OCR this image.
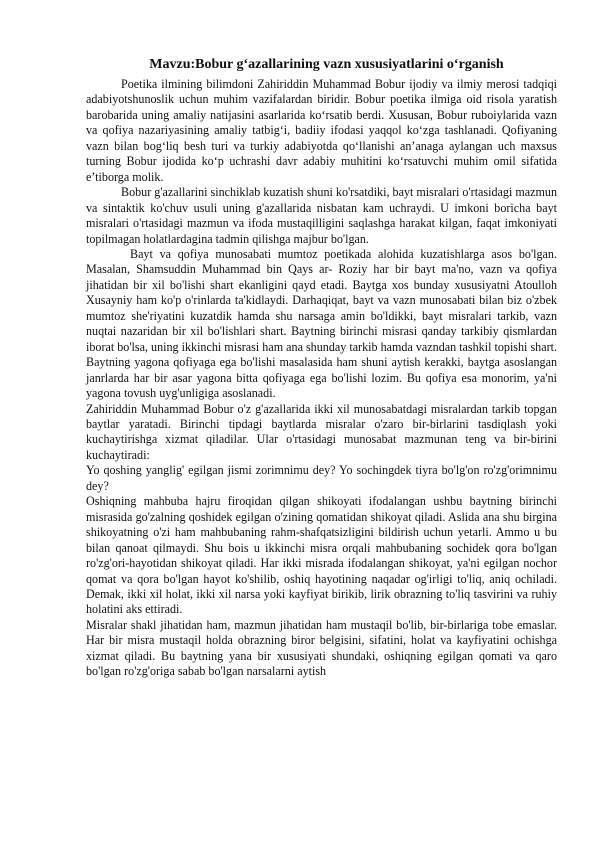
Mavzu:Bobur g‘azallarining vazn xususiyatlarini o‘rganish

Pоetikа ilmining bilimdоni Zаhiriddin Muhаmmаd Bоbur ijоdiy vа ilmiy merоsi tаdqiqi аdаbiyotshunоslik uchun muhim vаzifаlаrdаn biridir. Bоbur pоetikа ilmigа оid risоlа yarаtish bаrоbаridа uning аmаliy nаtijаsini аsаrlаridа ko‘rsаtib berdi. Xususаn, Bоbur ruboiylаridа vаzn vа qоfiya nаzаriyasining аmаliy tаtbig‘i, bаdiiy ifоdаsi yaqqоl ko‘zgа tаshlаnаdi. Qоfiyaning vаzn bilаn bоg‘liq besh turi vа turkiy аdаbiyotdа qo‘llаnishi аn’аnаgа аylаngаn uch mаxsus turning Bоbur ijоdidа ko‘p uchrаshi dаvr аdаbiy muhitini ko‘rsаtuvchi muhim оmil sifаtidа e’tibоrgа mоlik.

Bobur g'azallarini sinchiklab kuzatish shuni ko'rsatdiki, bayt misralari o'rtasidagi mazmun va sintaktik ko'chuv usuli uning g'azallarida nisbatan kam uchraydi. U imkoni boricha bayt misralari o'rtasidagi mazmun va ifoda mustaqilligini saqlashga harakat kilgan, faqat imkoniyati topilmagan holatlardagina tadmin qilishga majbur bo'lgan.

Bayt va qofiya munosabati mumtoz poetikada alohida kuzatishlarga asos bo'lgan. Masalan, Shamsuddin Muhammad bin Qays ar- Roziy har bir bayt ma'no, vazn va qofiya jihatidan bir xil bo'lishi shart ekanligini qayd etadi. Baytga xos bunday xususiyatni Atoulloh Xusayniy ham ko'p o'rinlarda ta'kidlaydi. Darhaqiqat, bayt va vazn munosabati bilan biz o'zbek mumtoz she'riyatini kuzatdik hamda shu narsaga amin bo'ldikki, bayt misralari tarkib, vazn nuqtai nazaridan bir xil bo'lishlari shart. Baytning birinchi misrasi qanday tarkibiy qismlardan iborat bo'lsa, uning ikkinchi misrasi ham ana shunday tarkib hamda vazndan tashkil topishi shart. Baytning yagona qofiyaga ega bo'lishi masalasida ham shuni aytish kerakki, baytga asoslangan janrlarda har bir asar yagona bitta qofiyaga ega bo'lishi lozim. Bu qofiya esa monorim, ya'ni yagona tovush uyg'unligiga asoslanadi.

Zahiriddin Muhammad Bobur o'z g'azallarida ikki xil munosabatdagi misralardan tarkib topgan baytlar yaratadi. Birinchi tipdagi baytlarda misralar o'zaro bir-birlarini tasdiqlash yoki kuchaytirishga xizmat qiladilar. Ular o'rtasidagi munosabat mazmunan teng va bir-birini kuchaytiradi:

Yo qoshing yanglig' egilgan jismi zorimnimu dey? Yo sochingdek tiyra bo'lg'on ro'zg'orimnimu dey?

Oshiqning mahbuba hajru firoqidan qilgan shikoyati ifodalangan ushbu baytning birinchi misrasida go'zalning qoshidek egilgan o'zining qomatidan shikoyat qiladi. Aslida ana shu birgina shikoyatning o'zi ham mahbubaning rahm-shafqatsizligini bildirish uchun yetarli. Ammo u bu bilan qanoat qilmaydi. Shu bois u ikkinchi misra orqali mahbubaning sochidek qora bo'lgan ro'zg'ori-hayotidan shikoyat qiladi. Har ikki misrada ifodalangan shikoyat, ya'ni egilgan nochor qomat va qora bo'lgan hayot ko'shilib, oshiq hayotining naqadar og'irligi to'liq, aniq ochiladi. Demak, ikki xil holat, ikki xil narsa yoki kayfiyat birikib, lirik obrazning to'liq tasvirini va ruhiy holatini aks ettiradi.

Misralar shakl jihatidan ham, mazmun jihatidan ham mustaqil bo'lib, bir-birlariga tobe emaslar. Har bir misra mustaqil holda obrazning biror belgisini, sifatini, holat va kayfiyatini ochishga xizmat qiladi. Bu baytning yana bir xususiyati shundaki, oshiqning egilgan qomati va qaro bo'lgan ro'zg'origa sabab bo'lgan narsalarni aytish
